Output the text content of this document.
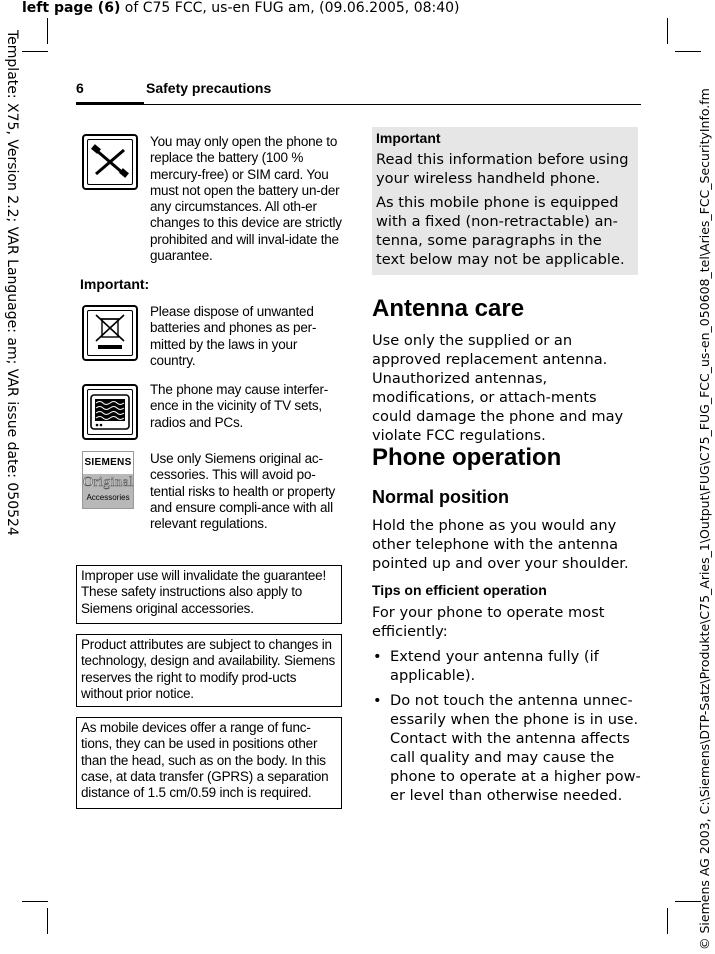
left page (6) of C75 FCC, us-en FUG am, (09.06.2005, 08:40)
Template: X75, Version 2.2; VAR Language: am; VAR issue date: 050524	© Siemens AG 2003, C:\Siemens\DTP-Satz\Produkte\C75_Aries_1\Output\FUG\C75_FUG_FCC_us-en_050608_tel\Aries_FCC_SecurityInfo.fm
6	Safety precautions
You may only open the phone to replace the battery (100 % mercury-free) or SIM card. You must not open the battery un-der any circumstances. All oth-er changes to this device are strictly prohibited and will inval-idate the guarantee.
Important:
Please dispose of unwanted batteries and phones as per-mitted by the laws in your country.
The phone may cause interfer-ence in the vicinity of TV sets, radios and PCs.
SIEMENS
Original
Accessories
Use only Siemens original ac-cessories. This will avoid po-tential risks to health or property and ensure compli-ance with all relevant regulations.
Improper use will invalidate the guarantee! These safety instructions also apply to Siemens original accessories.
Product attributes are subject to changes in technology, design and availability. Siemens reserves the right to modify prod-ucts without prior notice.
As mobile devices offer a range of func-tions, they can be used in positions other than the head, such as on the body. In this case, at data transfer (GPRS) a separation distance of 1.5 cm/0.59 inch is required.
Important

Read this information before using your wireless handheld phone.

As this mobile phone is equipped with a fixed (non-retractable) an-tenna, some paragraphs in the text below may not be applicable.

Antenna care

Use only the supplied or an approved replacement antenna. Unauthorized antennas, modifications, or attach-ments could damage the phone and may violate FCC regulations.

Phone operation
Normal position

Hold the phone as you would any other telephone with the antenna pointed up and over your shoulder.

Tips on efficient operation

For your phone to operate most efficiently:

• Extend your antenna fully (if applicable).
• Do not touch the antenna unnec-essarily when the phone is in use. Contact with the antenna affects call quality and may cause the phone to operate at a higher pow-er level than otherwise needed.
